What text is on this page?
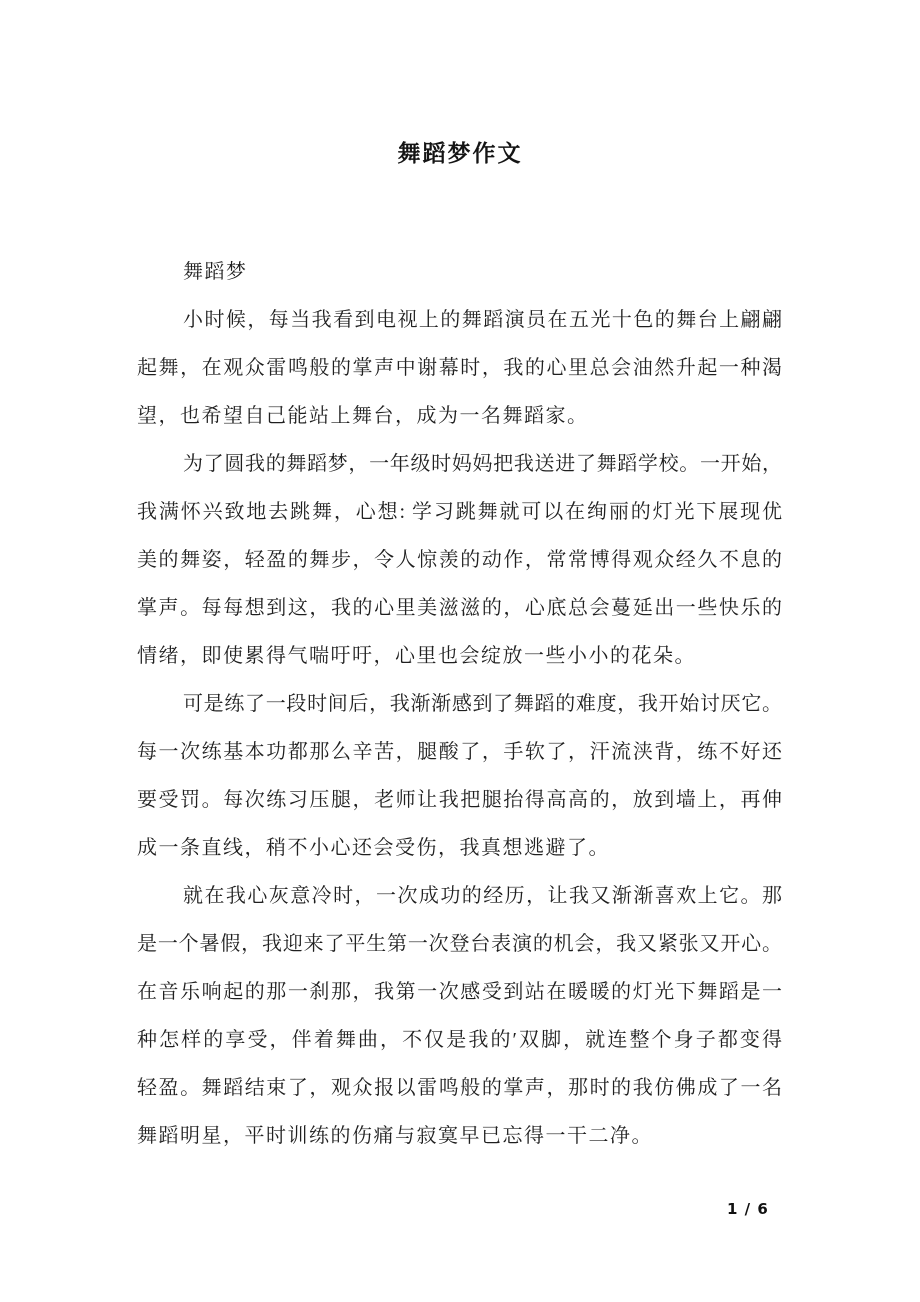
舞蹈梦作文
舞蹈梦
小时候，每当我看到电视上的舞蹈演员在五光十色的舞台上翩翩
起舞，在观众雷鸣般的掌声中谢幕时，我的心里总会油然升起一种渴
望，也希望自己能站上舞台，成为一名舞蹈家。
为了圆我的舞蹈梦，一年级时妈妈把我送进了舞蹈学校。一开始，
我满怀兴致地去跳舞，心想: 学习跳舞就可以在绚丽的灯光下展现优
美的舞姿，轻盈的舞步，令人惊羡的动作，常常博得观众经久不息的
掌声。每每想到这，我的心里美滋滋的，心底总会蔓延出一些快乐的
情绪，即使累得气喘吁吁，心里也会绽放一些小小的花朵。
可是练了一段时间后，我渐渐感到了舞蹈的难度，我开始讨厌它。
每一次练基本功都那么辛苦，腿酸了，手软了，汗流浃背，练不好还
要受罚。每次练习压腿，老师让我把腿抬得高高的，放到墙上，再伸
成一条直线，稍不小心还会受伤，我真想逃避了。
就在我心灰意冷时，一次成功的经历，让我又渐渐喜欢上它。那
是一个暑假，我迎来了平生第一次登台表演的机会，我又紧张又开心。
在音乐响起的那一刹那，我第一次感受到站在暖暖的灯光下舞蹈是一
种怎样的享受，伴着舞曲，不仅是我的′双脚，就连整个身子都变得
轻盈。舞蹈结束了，观众报以雷鸣般的掌声，那时的我仿佛成了一名
舞蹈明星，平时训练的伤痛与寂寞早已忘得一干二净。
1 / 6
